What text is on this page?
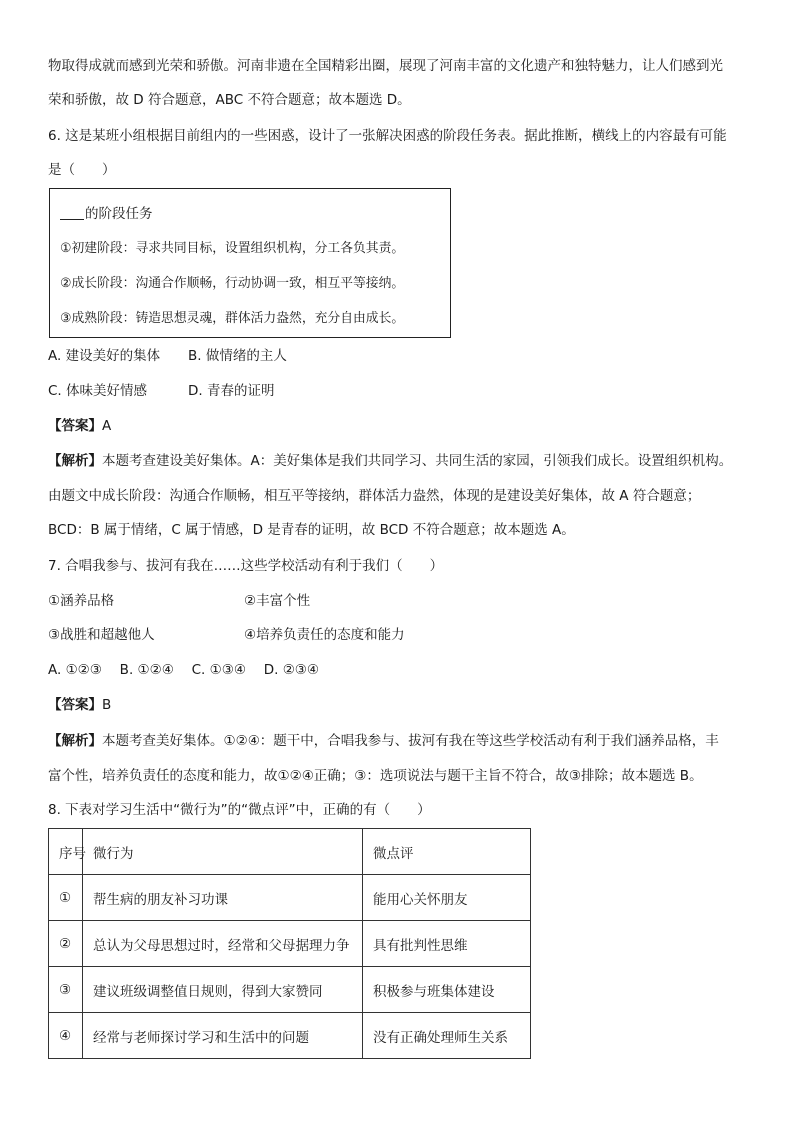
物取得成就而感到光荣和骄傲。河南非遗在全国精彩出圈，展现了河南丰富的文化遗产和独特魅力，让人们感到光
荣和骄傲，故 D 符合题意，ABC 不符合题意；故本题选 D。
6. 这是某班小组根据目前组内的一些困惑，设计了一张解决困惑的阶段任务表。据此推断，横线上的内容最有可能
是（　　）
的阶段任务
①初建阶段：寻求共同目标，设置组织机构，分工各负其责。
②成长阶段：沟通合作顺畅，行动协调一致，相互平等接纳。
③成熟阶段：铸造思想灵魂，群体活力盎然，充分自由成长。
A. 建设美好的集体 B. 做情绪的主人
C. 体味美好情感	D. 青春的证明
【答案】A
【解析】本题考查建设美好集体。A：美好集体是我们共同学习、共同生活的家园，引领我们成长。设置组织机构。
由题文中成长阶段：沟通合作顺畅，相互平等接纳，群体活力盎然，体现的是建设美好集体，故 A 符合题意；
BCD：B 属于情绪，C 属于情感，D 是青春的证明，故 BCD 不符合题意；故本题选 A。
7. 合唱我参与、拔河有我在……这些学校活动有利于我们（　　）
①涵养品格	②丰富个性
③战胜和超越他人	④培养负责任的态度和能力
A. ①②③　 B. ①②④　 C. ①③④　 D. ②③④
【答案】B
【解析】本题考查美好集体。①②④：题干中，合唱我参与、拔河有我在等这些学校活动有利于我们涵养品格，丰
富个性，培养负责任的态度和能力，故①②④正确；③：选项说法与题干主旨不符合，故③排除；故本题选 B。
8. 下表对学习生活中“微行为”的“微点评”中，正确的有（　　）
序号	微行为	微点评
①	帮生病的朋友补习功课	能用心关怀朋友
②	总认为父母思想过时，经常和父母据理力争	具有批判性思维
③	建议班级调整值日规则，得到大家赞同	积极参与班集体建设
④	经常与老师探讨学习和生活中的问题	没有正确处理师生关系
